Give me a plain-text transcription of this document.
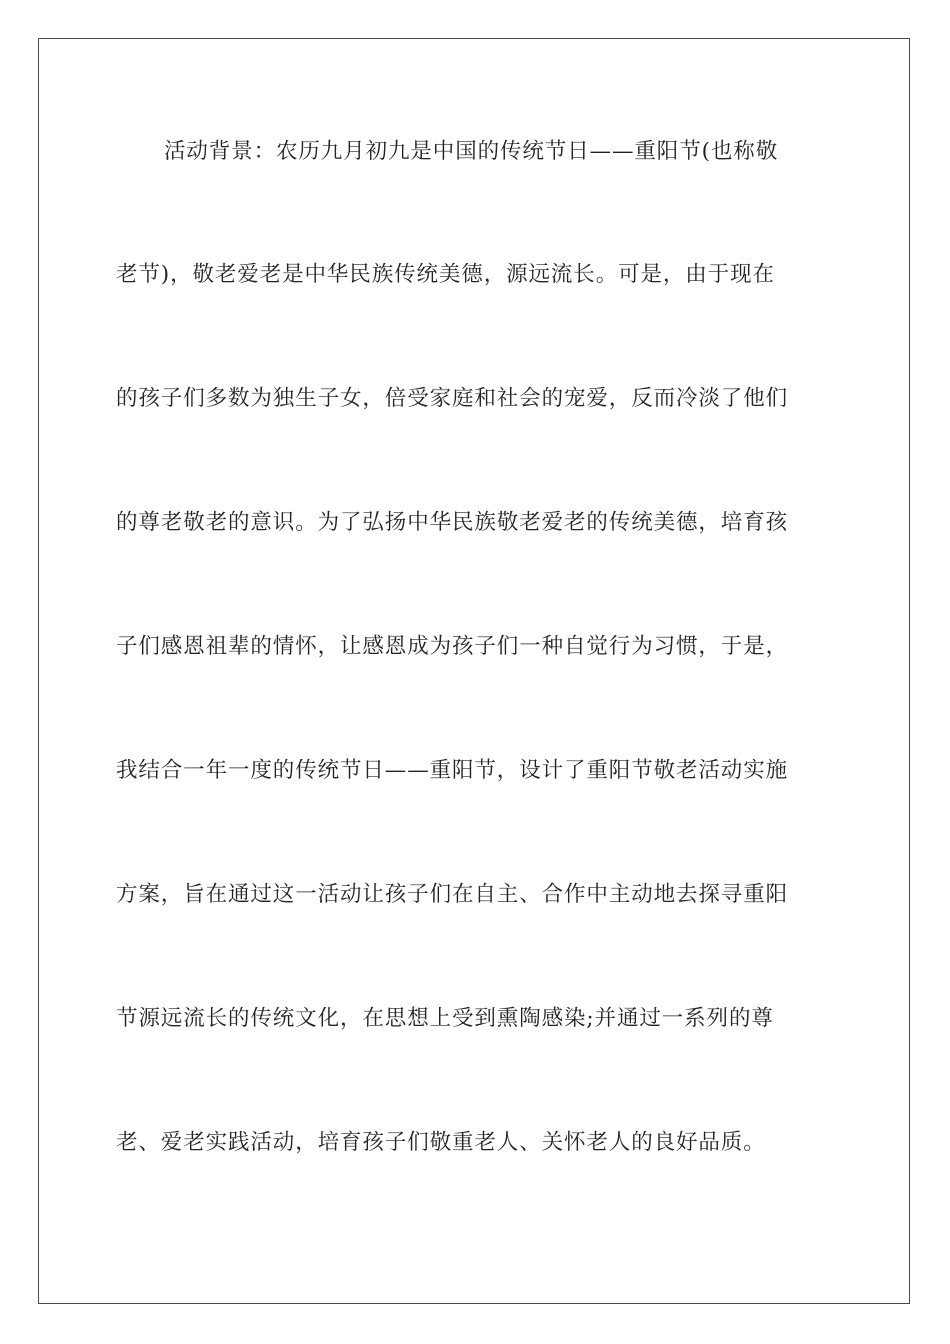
活动背景：农历九月初九是中国的传统节日——重阳节(也称敬
老节)，敬老爱老是中华民族传统美德，源远流长。可是，由于现在
的孩子们多数为独生子女，倍受家庭和社会的宠爱，反而冷淡了他们
的尊老敬老的意识。为了弘扬中华民族敬老爱老的传统美德，培育孩
子们感恩祖辈的情怀，让感恩成为孩子们一种自觉行为习惯，于是，
我结合一年一度的传统节日——重阳节，设计了重阳节敬老活动实施
方案，旨在通过这一活动让孩子们在自主、合作中主动地去探寻重阳
节源远流长的传统文化，在思想上受到熏陶感染;并通过一系列的尊
老、爱老实践活动，培育孩子们敬重老人、关怀老人的良好品质。
